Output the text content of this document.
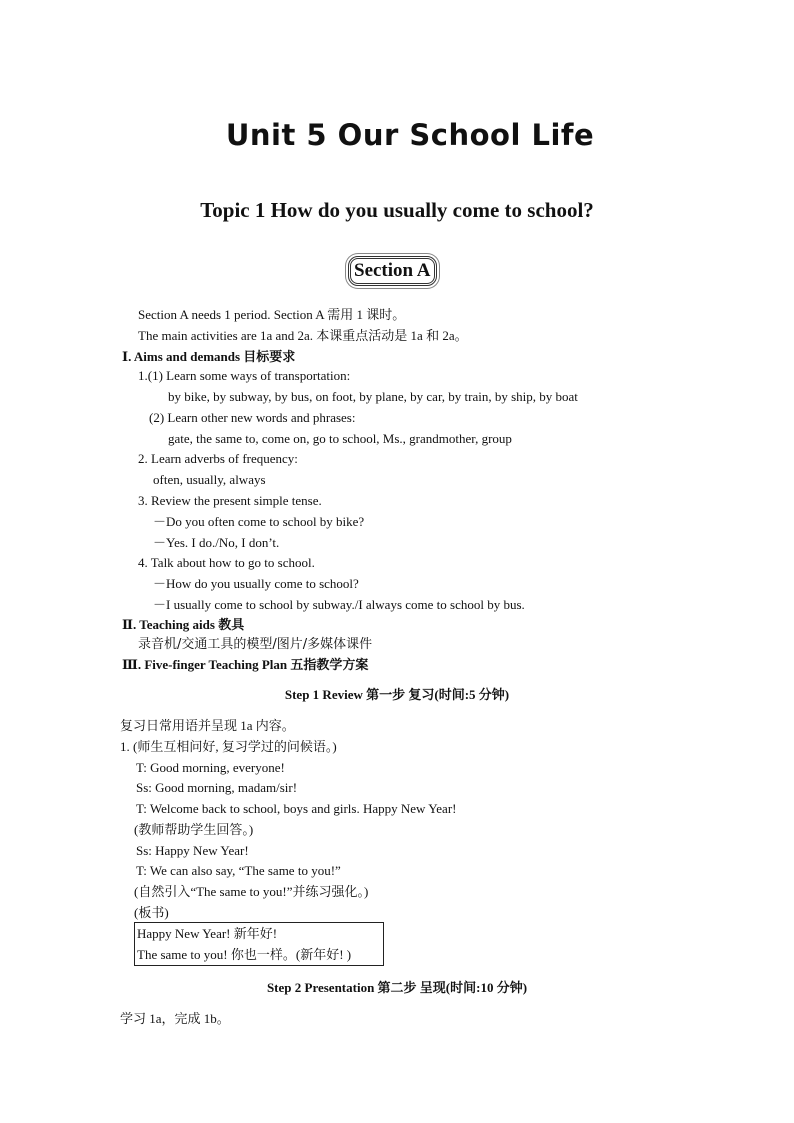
Unit 5 Our School Life
Topic 1 How do you usually come to school?
Section A
Section A needs 1 period. Section A 需用 1 课时。
The main activities are 1a and 2a. 本课重点活动是 1a 和 2a。
Ⅰ. Aims and demands 目标要求
1.(1) Learn some ways of transportation:
by bike, by subway, by bus, on foot, by plane, by car, by train, by ship, by boat
(2) Learn other new words and phrases:
gate, the same to, come on, go to school, Ms., grandmother, group
2. Learn adverbs of frequency:
often, usually, always
3. Review the present simple tense.
－Do you often come to school by bike?
－Yes. I do./No, I don’t.
4. Talk about how to go to school.
－How do you usually come to school?
－I usually come to school by subway./I always come to school by bus.
Ⅱ. Teaching aids 教具
录音机/交通工具的模型/图片/多媒体课件
Ⅲ. Five-finger Teaching Plan 五指教学方案
Step 1 Review 第一步 复习(时间:5 分钟)
复习日常用语并呈现 1a 内容。
1. (师生互相问好, 复习学过的问候语。)
T: Good morning, everyone!
Ss: Good morning, madam/sir!
T: Welcome back to school, boys and girls. Happy New Year!
(教师帮助学生回答。)
Ss: Happy New Year!
T: We can also say, “The same to you!”
(自然引入“The same to you!”并练习强化。)
(板书)
Happy New Year! 新年好!
The same to you! 你也一样。(新年好! )
Step 2 Presentation 第二步 呈现(时间:10 分钟)
学习 1a，完成 1b。
